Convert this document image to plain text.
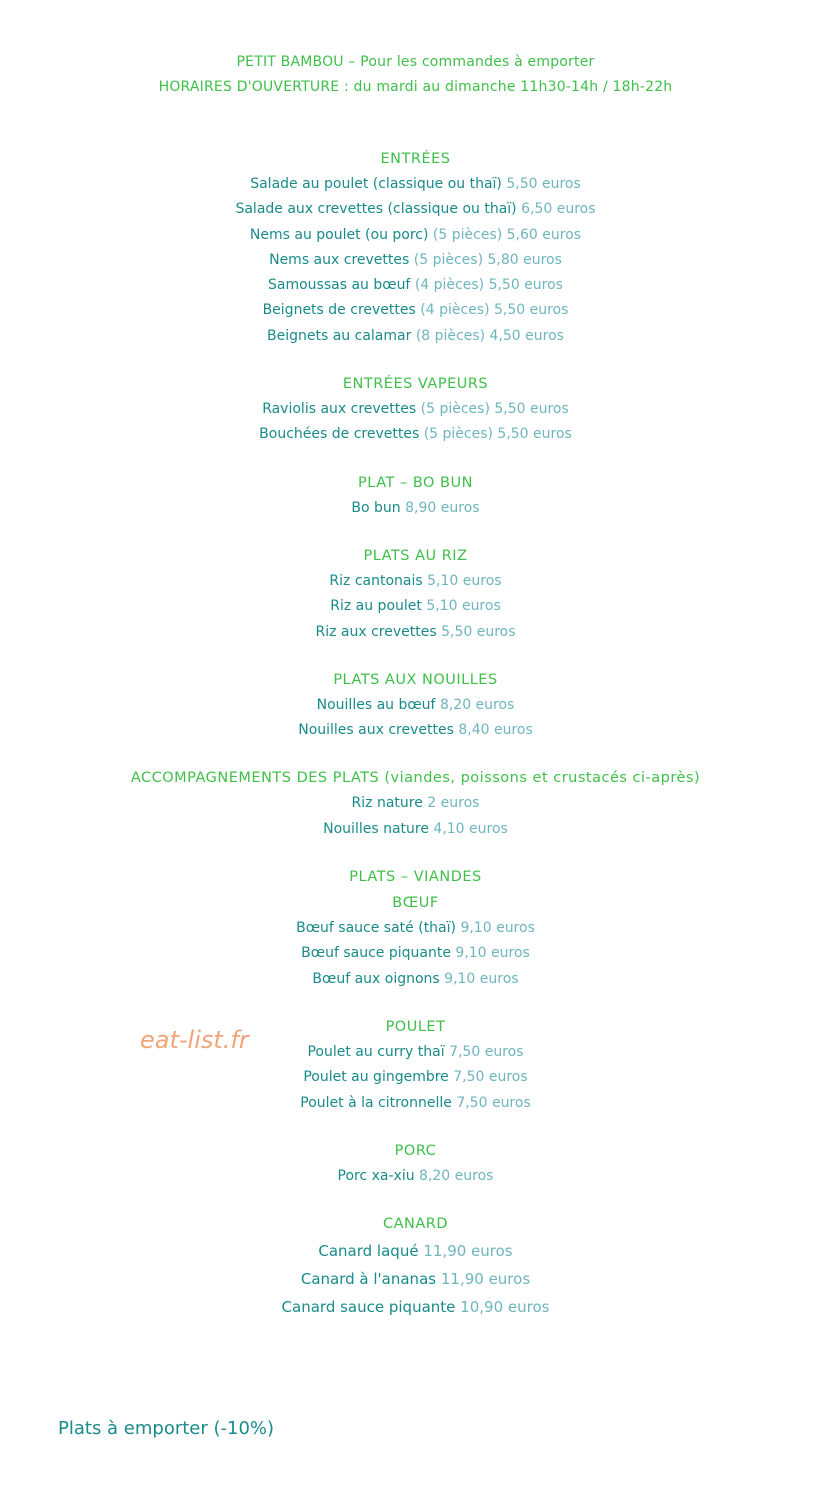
PETIT BAMBOU – Pour les commandes à emporter
HORAIRES D'OUVERTURE : du mardi au dimanche 11h30-14h / 18h-22h
ENTRÉES
Salade au poulet (classique ou thaï) 5,50 euros
Salade aux crevettes (classique ou thaï) 6,50 euros
Nems au poulet (ou porc) (5 pièces) 5,60 euros
Nems aux crevettes (5 pièces) 5,80 euros
Samoussas au bœuf (4 pièces) 5,50 euros
Beignets de crevettes (4 pièces) 5,50 euros
Beignets au calamar (8 pièces) 4,50 euros
ENTRÉES VAPEURS
Raviolis aux crevettes (5 pièces) 5,50 euros
Bouchées de crevettes (5 pièces) 5,50 euros
PLAT – BO BUN
Bo bun 8,90 euros
PLATS AU RIZ
Riz cantonais 5,10 euros
Riz au poulet 5,10 euros
Riz aux crevettes 5,50 euros
PLATS AUX NOUILLES
Nouilles au bœuf 8,20 euros
Nouilles aux crevettes 8,40 euros
ACCOMPAGNEMENTS DES PLATS (viandes, poissons et crustacés ci-après)
Riz nature 2 euros
Nouilles nature 4,10 euros
PLATS – VIANDES
BŒUF
Bœuf sauce saté (thaï) 9,10 euros
Bœuf sauce piquante 9,10 euros
Bœuf aux oignons 9,10 euros
POULET
Poulet au curry thaï 7,50 euros
Poulet au gingembre 7,50 euros
Poulet à la citronnelle 7,50 euros
PORC
Porc xa-xiu 8,20 euros
CANARD
Canard laqué 11,90 euros
Canard à l'ananas 11,90 euros
Canard sauce piquante 10,90 euros
eat-list.fr
Plats à emporter (-10%)
